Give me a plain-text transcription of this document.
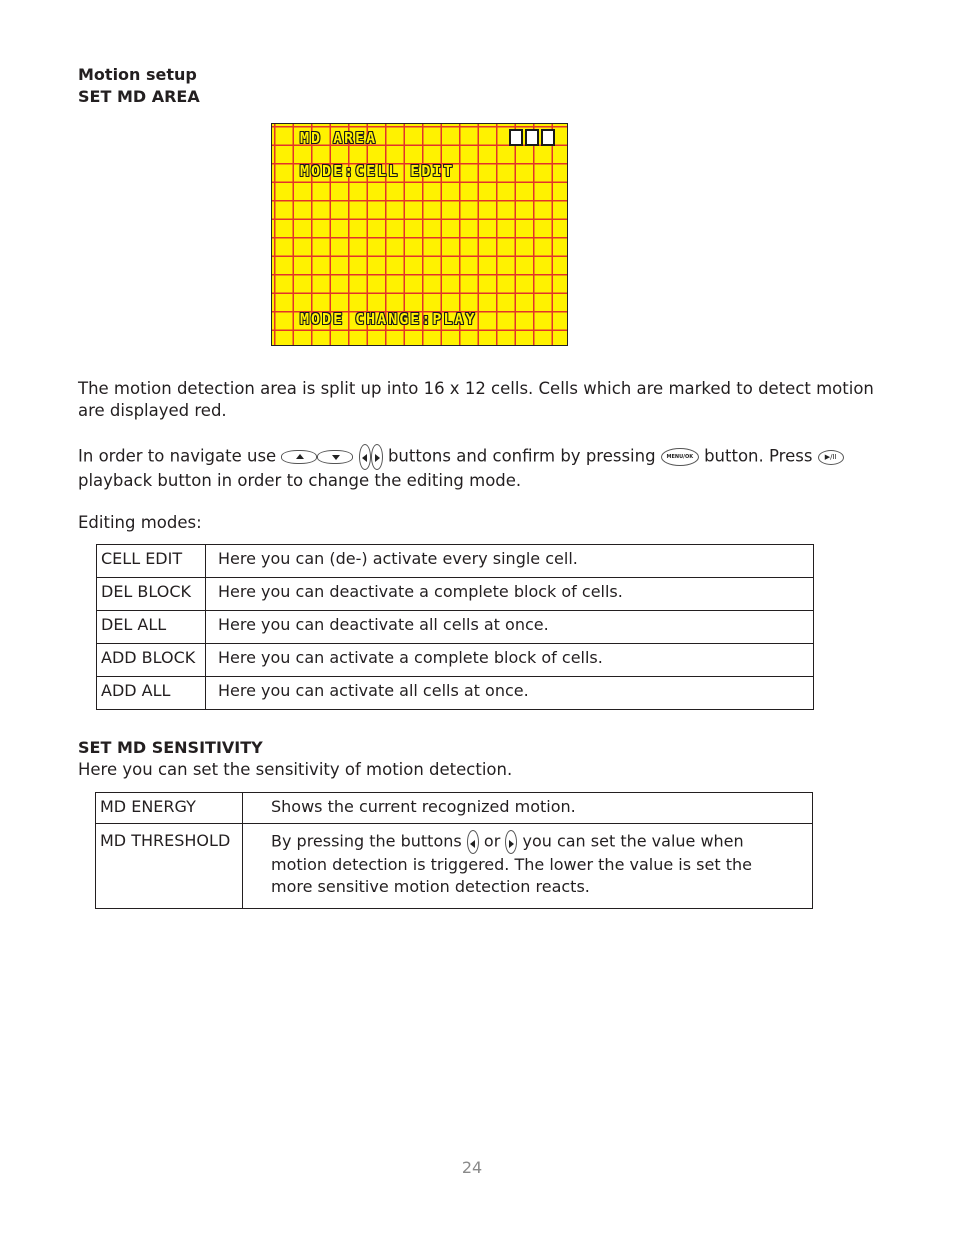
Motion setup
SET MD AREA
MD AREA
MODE:CELL EDIT
MODE CHANGE:PLAY
The motion detection area is split up into 16 x 12 cells. Cells which are marked to detect motion are displayed red.
In order to navigate use	buttons and confirm by pressing MENU/OK button. Press ▶/II
playback button in order to change the editing mode.
Editing modes:
CELL EDIT	Here you can (de-) activate every single cell.
DEL BLOCK	Here you can deactivate a complete block of cells.
DEL ALL	Here you can deactivate all cells at once.
ADD BLOCK	Here you can activate a complete block of cells.
ADD ALL	Here you can activate all cells at once.
SET MD SENSITIVITY
Here you can set the sensitivity of motion detection.
MD ENERGY	Shows the current recognized motion.
MD THRESHOLD	By pressing the buttons or you can set the value when motion detection is triggered. The lower the value is set the more sensitive motion detection reacts.
24
